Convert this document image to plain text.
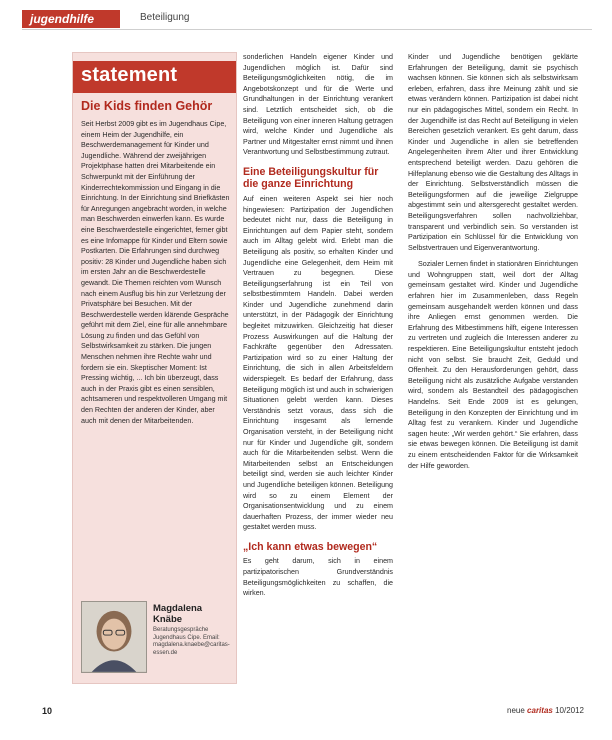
jugendhilfe	Beteiligung
statement
Die Kids finden Gehör
Seit Herbst 2009 gibt es im Jugendhaus Cipe, einem Heim der Jugendhilfe, ein Beschwerdemanagement für Kinder und Jugendliche. Während der zweijährigen Projektphase hatten drei Mitarbeitende ein Schwerpunkt mit der Einführung der Kinderrechtekommission und Eingang in die Einrichtung. In der Einrichtung sind Briefkästen für Anregungen angebracht worden, in welche man Beschwerden einwerfen kann. Es wurde eine Beschwerdestelle eingerichtet, ferner gibt es eine Infomappe für Kinder und Eltern sowie Postkarten. Die Erfahrungen sind durchweg positiv: 28 Kinder und Jugendliche haben sich im ersten Jahr an die Beschwerdestelle gewandt. Die Themen reichten vom Wunsch nach einem Ausflug bis hin zur Verletzung der Privatsphäre bei Besuchen. Mit der Beschwerdestelle werden klärende Gespräche geführt mit dem Ziel, eine für alle annehmbare Lösung zu finden und das Gefühl von Selbstwirksamkeit zu stärken. Die jungen Menschen nehmen ihre Rechte wahr und fordern sie ein. Skeptischer Moment: Ist Pressing wichtig, ... Ich bin überzeugt, dass auch in der Praxis gibt es einen sensiblen, achtsameren und respektvolleren Umgang mit den Rechten der anderen der Kinder, aber auch mit denen der Mitarbeitenden.
Magdalena Knäbe
Beratungsgespräche Jugendhaus Cipe. Email: magdalena.knaebe@caritas-essen.de

sonderlichen Handeln eigener Kinder und Jugendlichen möglich ist. Dafür sind Beteiligungsmöglichkeiten nötig, die im Angebotskonzept und für die Werte und Grundhaltungen in der Einrichtung verankert sind. Letztlich entscheidet sich, ob die Beteiligung von einer inneren Haltung getragen wird, welche Kinder und Jugendliche als Partner und Mitgestalter ernst nimmt und ihnen Verantwortung und Selbstbestimmung zutraut.

Eine Beteiligungskultur für die ganze Einrichtung

Auf einen weiteren Aspekt sei hier noch hingewiesen: Partizipation der Jugendlichen bedeutet nicht nur, dass die Beteiligung in Einrichtungen auf dem Papier steht, sondern auch im Alltag gelebt wird. Erlebt man die Beteiligung als positiv, so erhalten Kinder und Jugendliche eine Gelegenheit, dem Heim mit Vertrauen zu begegnen. Diese Beteiligungserfahrung ist ein Teil von selbstbestimmtem Handeln. Dabei werden Kinder und Jugendliche zunehmend darin unterstützt, in der Pädagogik der Einrichtung begleitet mitzuwirken. Gleichzeitig hat dieser Prozess Auswirkungen auf die Haltung der Fachkräfte gegenüber den Adressaten. Partizipation wird so zu einer Haltung der Einrichtung, die sich in allen Arbeitsfeldern widerspiegelt. Es bedarf der Erfahrung, dass Beteiligung möglich ist und auch in schwierigen Situationen gelebt werden kann. Dieses Verständnis setzt voraus, dass sich die Einrichtung insgesamt als lernende Organisation versteht, in der Beteiligung nicht nur für Kinder und Jugendliche gilt, sondern auch für die Mitarbeitenden selbst. Wenn die Mitarbeitenden selbst an Entscheidungen beteiligt sind, werden sie auch leichter Kinder und Jugendliche beteiligen können. Beteiligung wird so zu einem Element der Organisationsentwicklung und zu einem dauerhaften Prozess, der immer wieder neu gestaltet werden muss.

„Ich kann etwas bewegen“

Es geht darum, sich in einem partizipatorischen Grundverständnis Beteiligungsmöglichkeiten zu schaffen, die wirken.

Kinder und Jugendliche benötigen geklärte Erfahrungen der Beteiligung, damit sie psychisch wachsen können. Sie können sich als selbstwirksam erleben, erfahren, dass ihre Meinung zählt und sie etwas verändern können. Partizipation ist dabei nicht nur ein pädagogisches Mittel, sondern ein Recht. In der Jugendhilfe ist das Recht auf Beteiligung in vielen Bereichen gesetzlich verankert. Es geht darum, dass Kinder und Jugendliche in allen sie betreffenden Angelegenheiten ihrem Alter und ihrer Entwicklung entsprechend beteiligt werden. Dazu gehören die Hilfeplanung ebenso wie die Gestaltung des Alltags in der Einrichtung. Selbstverständlich müssen die Beteiligungsformen auf die jeweilige Zielgruppe abgestimmt sein und altersgerecht gestaltet werden. Beteiligungsverfahren sollen nachvollziehbar, transparent und verbindlich sein. So verstanden ist Partizipation ein Schlüssel für die Entwicklung von Selbstvertrauen und Eigenverantwortung.

Sozialer Lernen findet in stationären Einrichtungen und Wohngruppen statt, weil dort der Alltag gemeinsam gestaltet wird. Kinder und Jugendliche erfahren hier im Zusammenleben, dass Regeln gemeinsam ausgehandelt werden können und dass ihre Anliegen ernst genommen werden. Die Erfahrung des Mitbestimmens hilft, eigene Interessen zu vertreten und zugleich die Interessen anderer zu respektieren. Eine Beteiligungskultur entsteht jedoch nicht von selbst. Sie braucht Zeit, Geduld und Offenheit. Zu den Herausforderungen gehört, dass Beteiligung nicht als zusätzliche Aufgabe verstanden wird, sondern als Bestandteil des pädagogischen Handelns. Seit Ende 2009 ist es gelungen, Beteiligung in den Konzepten der Einrichtung und im Alltag fest zu verankern. Kinder und Jugendliche sagen heute: „Wir werden gehört.“ Sie erfahren, dass sie etwas bewegen können. Die Beteiligung ist damit zu einem entscheidenden Faktor für die Wirksamkeit der Hilfe geworden.

10	neue caritas 10/2012
